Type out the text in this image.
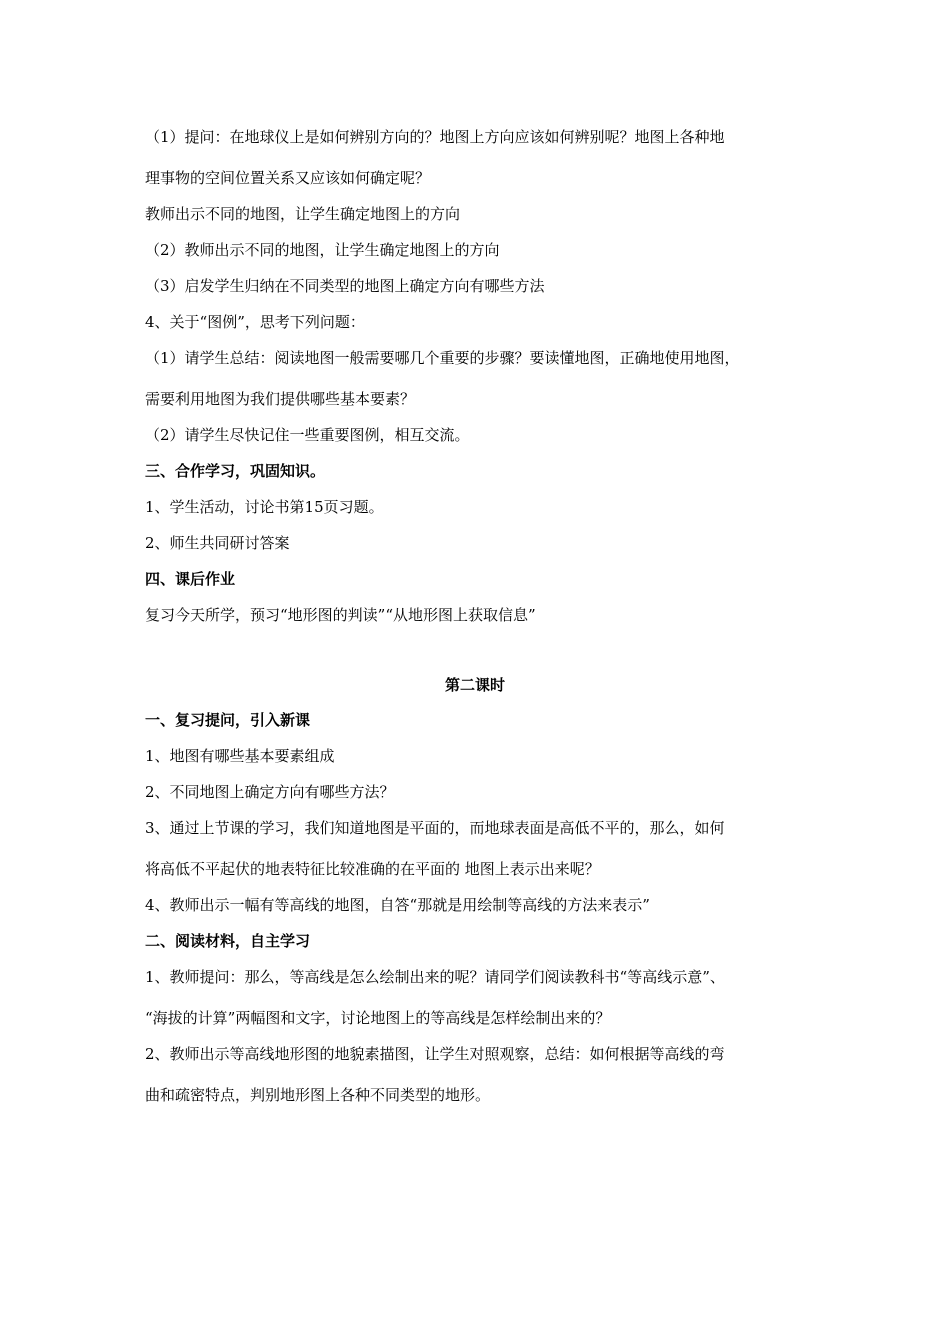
（1）提问：在地球仪上是如何辨别方向的？地图上方向应该如何辨别呢？地图上各种地
理事物的空间位置关系又应该如何确定呢？
教师出示不同的地图，让学生确定地图上的方向
（2）教师出示不同的地图，让学生确定地图上的方向
（3）启发学生归纳在不同类型的地图上确定方向有哪些方法
4、关于“图例”，思考下列问题：
（1）请学生总结：阅读地图一般需要哪几个重要的步骤？要读懂地图，正确地使用地图，
需要利用地图为我们提供哪些基本要素？
（2）请学生尽快记住一些重要图例，相互交流。
三、合作学习，巩固知识。
1、学生活动，讨论书第15页习题。
2、师生共同研讨答案
四、课后作业
复习今天所学，预习“地形图的判读”“从地形图上获取信息”
第二课时
一、复习提问，引入新课
1、地图有哪些基本要素组成
2、不同地图上确定方向有哪些方法？
3、通过上节课的学习，我们知道地图是平面的，而地球表面是高低不平的，那么，如何
将高低不平起伏的地表特征比较准确的在平面的 地图上表示出来呢？
4、教师出示一幅有等高线的地图，自答“那就是用绘制等高线的方法来表示”
二、阅读材料，自主学习
1、教师提问：那么，等高线是怎么绘制出来的呢？请同学们阅读教科书“等高线示意”、
“海拔的计算”两幅图和文字，讨论地图上的等高线是怎样绘制出来的？
2、教师出示等高线地形图的地貌素描图，让学生对照观察，总结：如何根据等高线的弯
曲和疏密特点，判别地形图上各种不同类型的地形。
